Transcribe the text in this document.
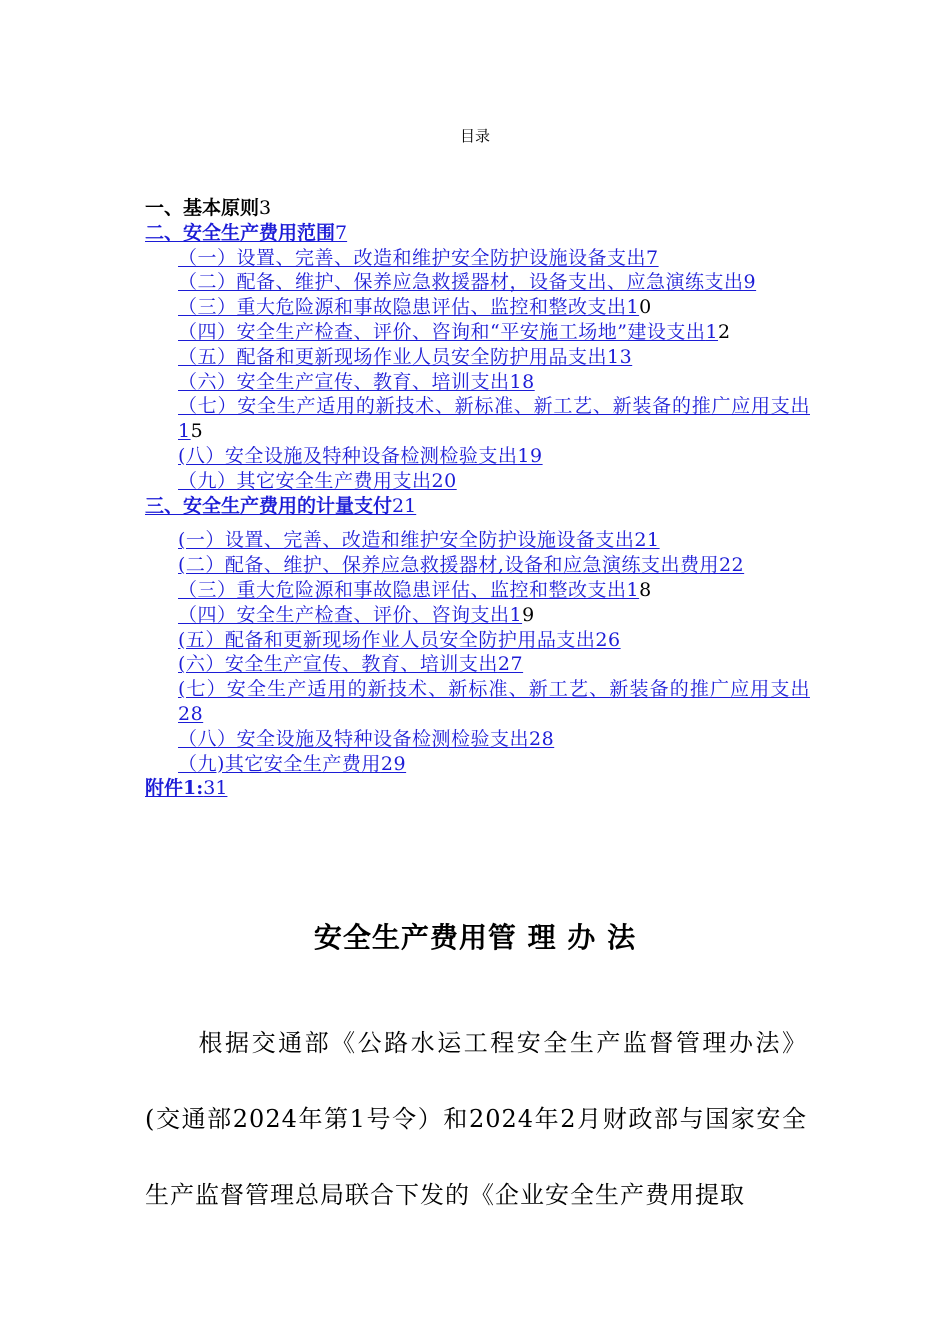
目录
一、基本原则3
二、安全生产费用范围7
（一）设置、完善、改造和维护安全防护设施设备支出7
（二）配备、维护、保养应急救援器材，设备支出、应急演练支出9
（三）重大危险源和事故隐患评估、监控和整改支出10
（四）安全生产检查、评价、咨询和“平安施工场地”建设支出12
（五）配备和更新现场作业人员安全防护用品支出13
（六）安全生产宣传、教育、培训支出18
（七）安全生产适用的新技术、新标准、新工艺、新装备的推广应用支出15
(八）安全设施及特种设备检测检验支出19
（九）其它安全生产费用支出20
三、安全生产费用的计量支付21
(一）设置、完善、改造和维护安全防护设施设备支出21
(二）配备、维护、保养应急救援器材,设备和应急演练支出费用22
（三）重大危险源和事故隐患评估、监控和整改支出18
（四）安全生产检查、评价、咨询支出19
(五）配备和更新现场作业人员安全防护用品支出26
(六）安全生产宣传、教育、培训支出27
(七）安全生产适用的新技术、新标准、新工艺、新装备的推广应用支出28
（八）安全设施及特种设备检测检验支出28
（九)其它安全生产费用29
附件1:31
安全生产费用管 理 办 法
根据交通部《公路水运工程安全生产监督管理办法》(交通部2024年第1号令）和2024年2月财政部与国家安全生产监督管理总局联合下发的《企业安全生产费用提取
